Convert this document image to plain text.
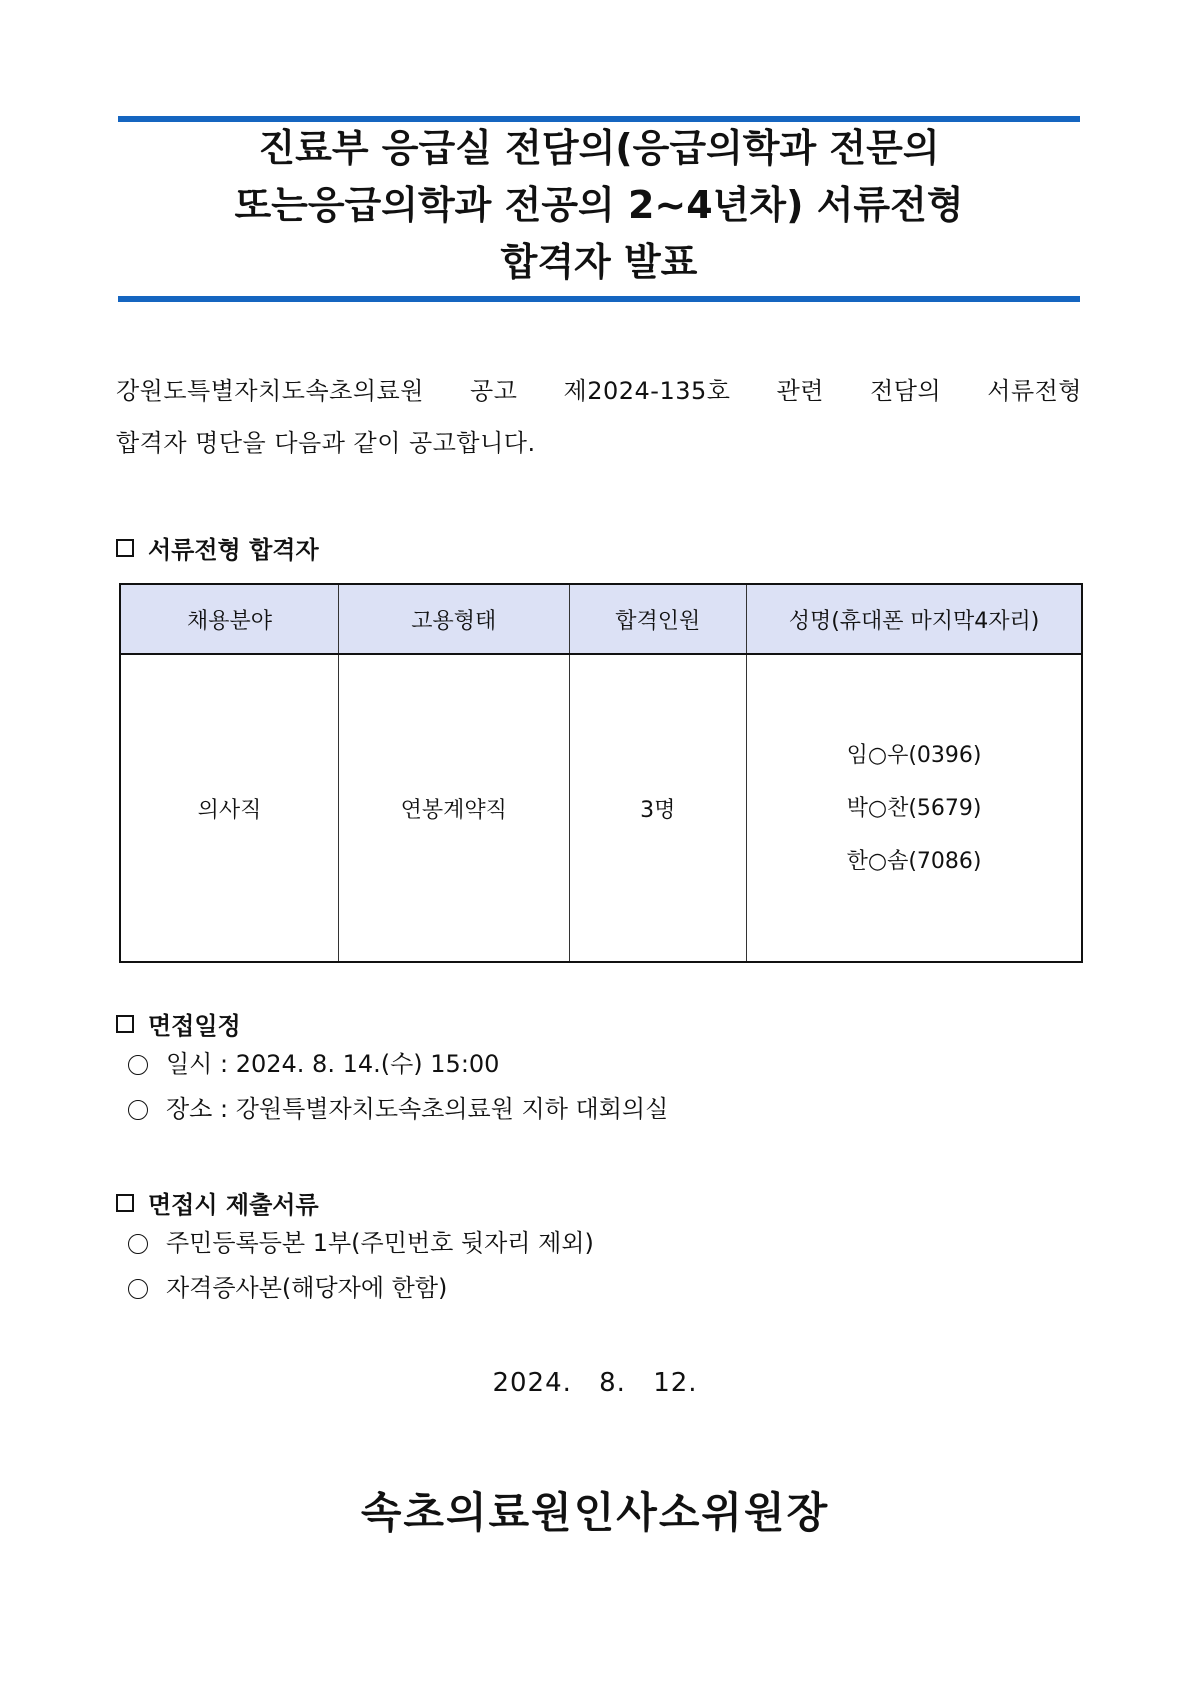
진료부 응급실 전담의(응급의학과 전문의
또는응급의학과 전공의 2~4년차) 서류전형
합격자 발표
강원도특별자치도속초의료원 공고 제2024-135호 관련 전담의 서류전형
합격자 명단을 다음과 같이 공고합니다.
서류전형 합격자
채용분야	고용형태	합격인원	성명(휴대폰 마지막4자리)
의사직	연봉계약직	3명	임○우(0396)
박○찬(5679)
한○솜(7086)
면접일정
일시 : 2024. 8. 14.(수) 15:00
장소 : 강원특별자치도속초의료원 지하 대회의실
면접시 제출서류
주민등록등본 1부(주민번호 뒷자리 제외)
자격증사본(해당자에 한함)
2024. 8. 12.
속초의료원인사소위원장
